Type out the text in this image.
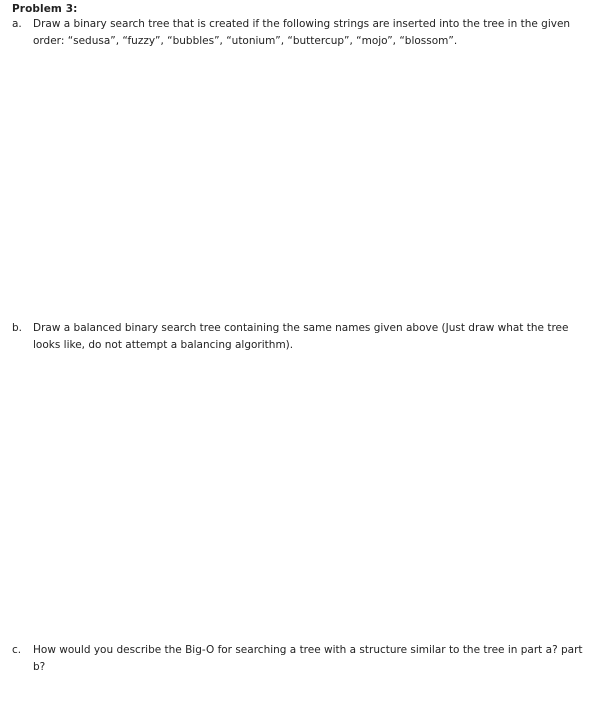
Problem 3:
a.	Draw a binary search tree that is created if the following strings are inserted into the tree in the given order: “sedusa”, “fuzzy”, “bubbles”, “utonium”, “buttercup”, “mojo”, “blossom”.
b.	Draw a balanced binary search tree containing the same names given above (Just draw what the tree looks like, do not attempt a balancing algorithm).
c.	How would you describe the Big-O for searching a tree with a structure similar to the tree in part a? part b?
